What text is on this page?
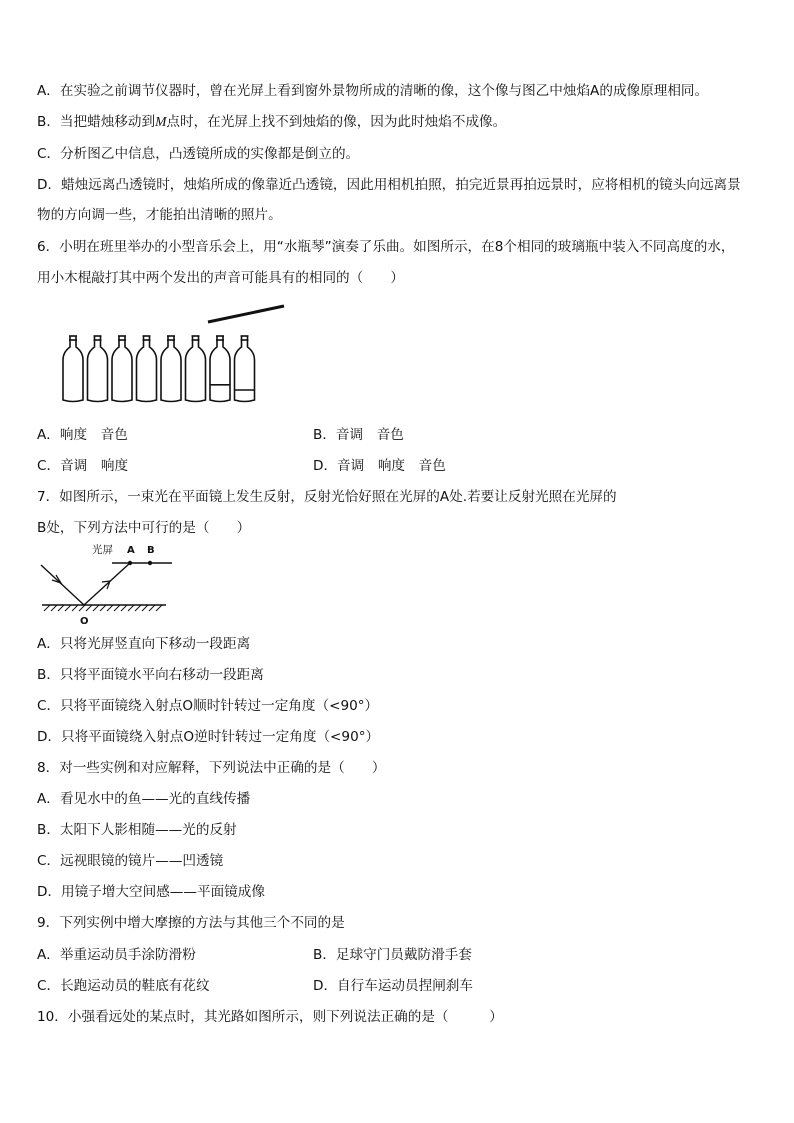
A．在实验之前调节仪器时，曾在光屏上看到窗外景物所成的清晰的像，这个像与图乙中烛焰A的成像原理相同。
B．当把蜡烛移动到M点时，在光屏上找不到烛焰的像，因为此时烛焰不成像。
C．分析图乙中信息，凸透镜所成的实像都是倒立的。
D．蜡烛远离凸透镜时，烛焰所成的像靠近凸透镜，因此用相机拍照，拍完近景再拍远景时，应将相机的镜头向远离景
物的方向调一些，才能拍出清晰的照片。
6．小明在班里举办的小型音乐会上，用“水瓶琴”演奏了乐曲。如图所示，在8个相同的玻璃瓶中装入不同高度的水，
用小木棍敲打其中两个发出的声音可能具有的相同的（　　）
A．响度　音色	B．音调　音色
C．音调　响度	D．音调　响度　音色
7．如图所示，一束光在平面镜上发生反射，反射光恰好照在光屏的A处.若要让反射光照在光屏的
B处，下列方法中可行的是（　　）
光屏 A B
O
A．只将光屏竖直向下移动一段距离
B．只将平面镜水平向右移动一段距离
C．只将平面镜绕入射点O顺时针转过一定角度（<90°）
D．只将平面镜绕入射点O逆时针转过一定角度（<90°）
8．对一些实例和对应解释，下列说法中正确的是（　　）
A．看见水中的鱼——光的直线传播
B．太阳下人影相随——光的反射
C．远视眼镜的镜片——凹透镜
D．用镜子增大空间感——平面镜成像
9．下列实例中增大摩擦的方法与其他三个不同的是
A．举重运动员手涂防滑粉	B．足球守门员戴防滑手套
C．长跑运动员的鞋底有花纹	D．自行车运动员捏闸刹车
10．小强看远处的某点时，其光路如图所示，则下列说法正确的是（　　　）
